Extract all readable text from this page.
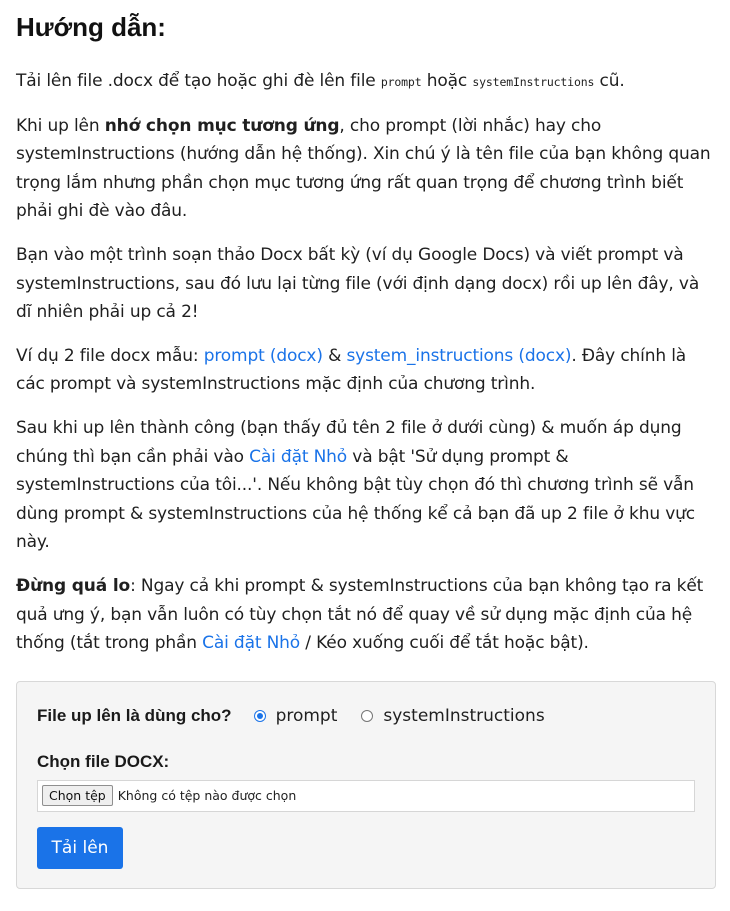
Hướng dẫn:

Tải lên file .docx để tạo hoặc ghi đè lên file prompt hoặc systemInstructions cũ.

Khi up lên nhớ chọn mục tương ứng, cho prompt (lời nhắc) hay cho systemInstructions (hướng dẫn hệ thống). Xin chú ý là tên file của bạn không quan trọng lắm nhưng phần chọn mục tương ứng rất quan trọng để chương trình biết phải ghi đè vào đâu.

Bạn vào một trình soạn thảo Docx bất kỳ (ví dụ Google Docs) và viết prompt và systemInstructions, sau đó lưu lại từng file (với định dạng docx) rồi up lên đây, và dĩ nhiên phải up cả 2!

Ví dụ 2 file docx mẫu: prompt (docx) & system_instructions (docx). Đây chính là các prompt và systemInstructions mặc định của chương trình.

Sau khi up lên thành công (bạn thấy đủ tên 2 file ở dưới cùng) & muốn áp dụng chúng thì bạn cần phải vào Cài đặt Nhỏ và bật 'Sử dụng prompt & systemInstructions của tôi...'. Nếu không bật tùy chọn đó thì chương trình sẽ vẫn dùng prompt & systemInstructions của hệ thống kể cả bạn đã up 2 file ở khu vực này.

Đừng quá lo: Ngay cả khi prompt & systemInstructions của bạn không tạo ra kết quả ưng ý, bạn vẫn luôn có tùy chọn tắt nó để quay về sử dụng mặc định của hệ thống (tắt trong phần Cài đặt Nhỏ / Kéo xuống cuối để tắt hoặc bật).

File up lên là dùng cho?	prompt	systemInstructions
Chọn file DOCX:
Chọn tệp Không có tệp nào được chọn
Tải lên
